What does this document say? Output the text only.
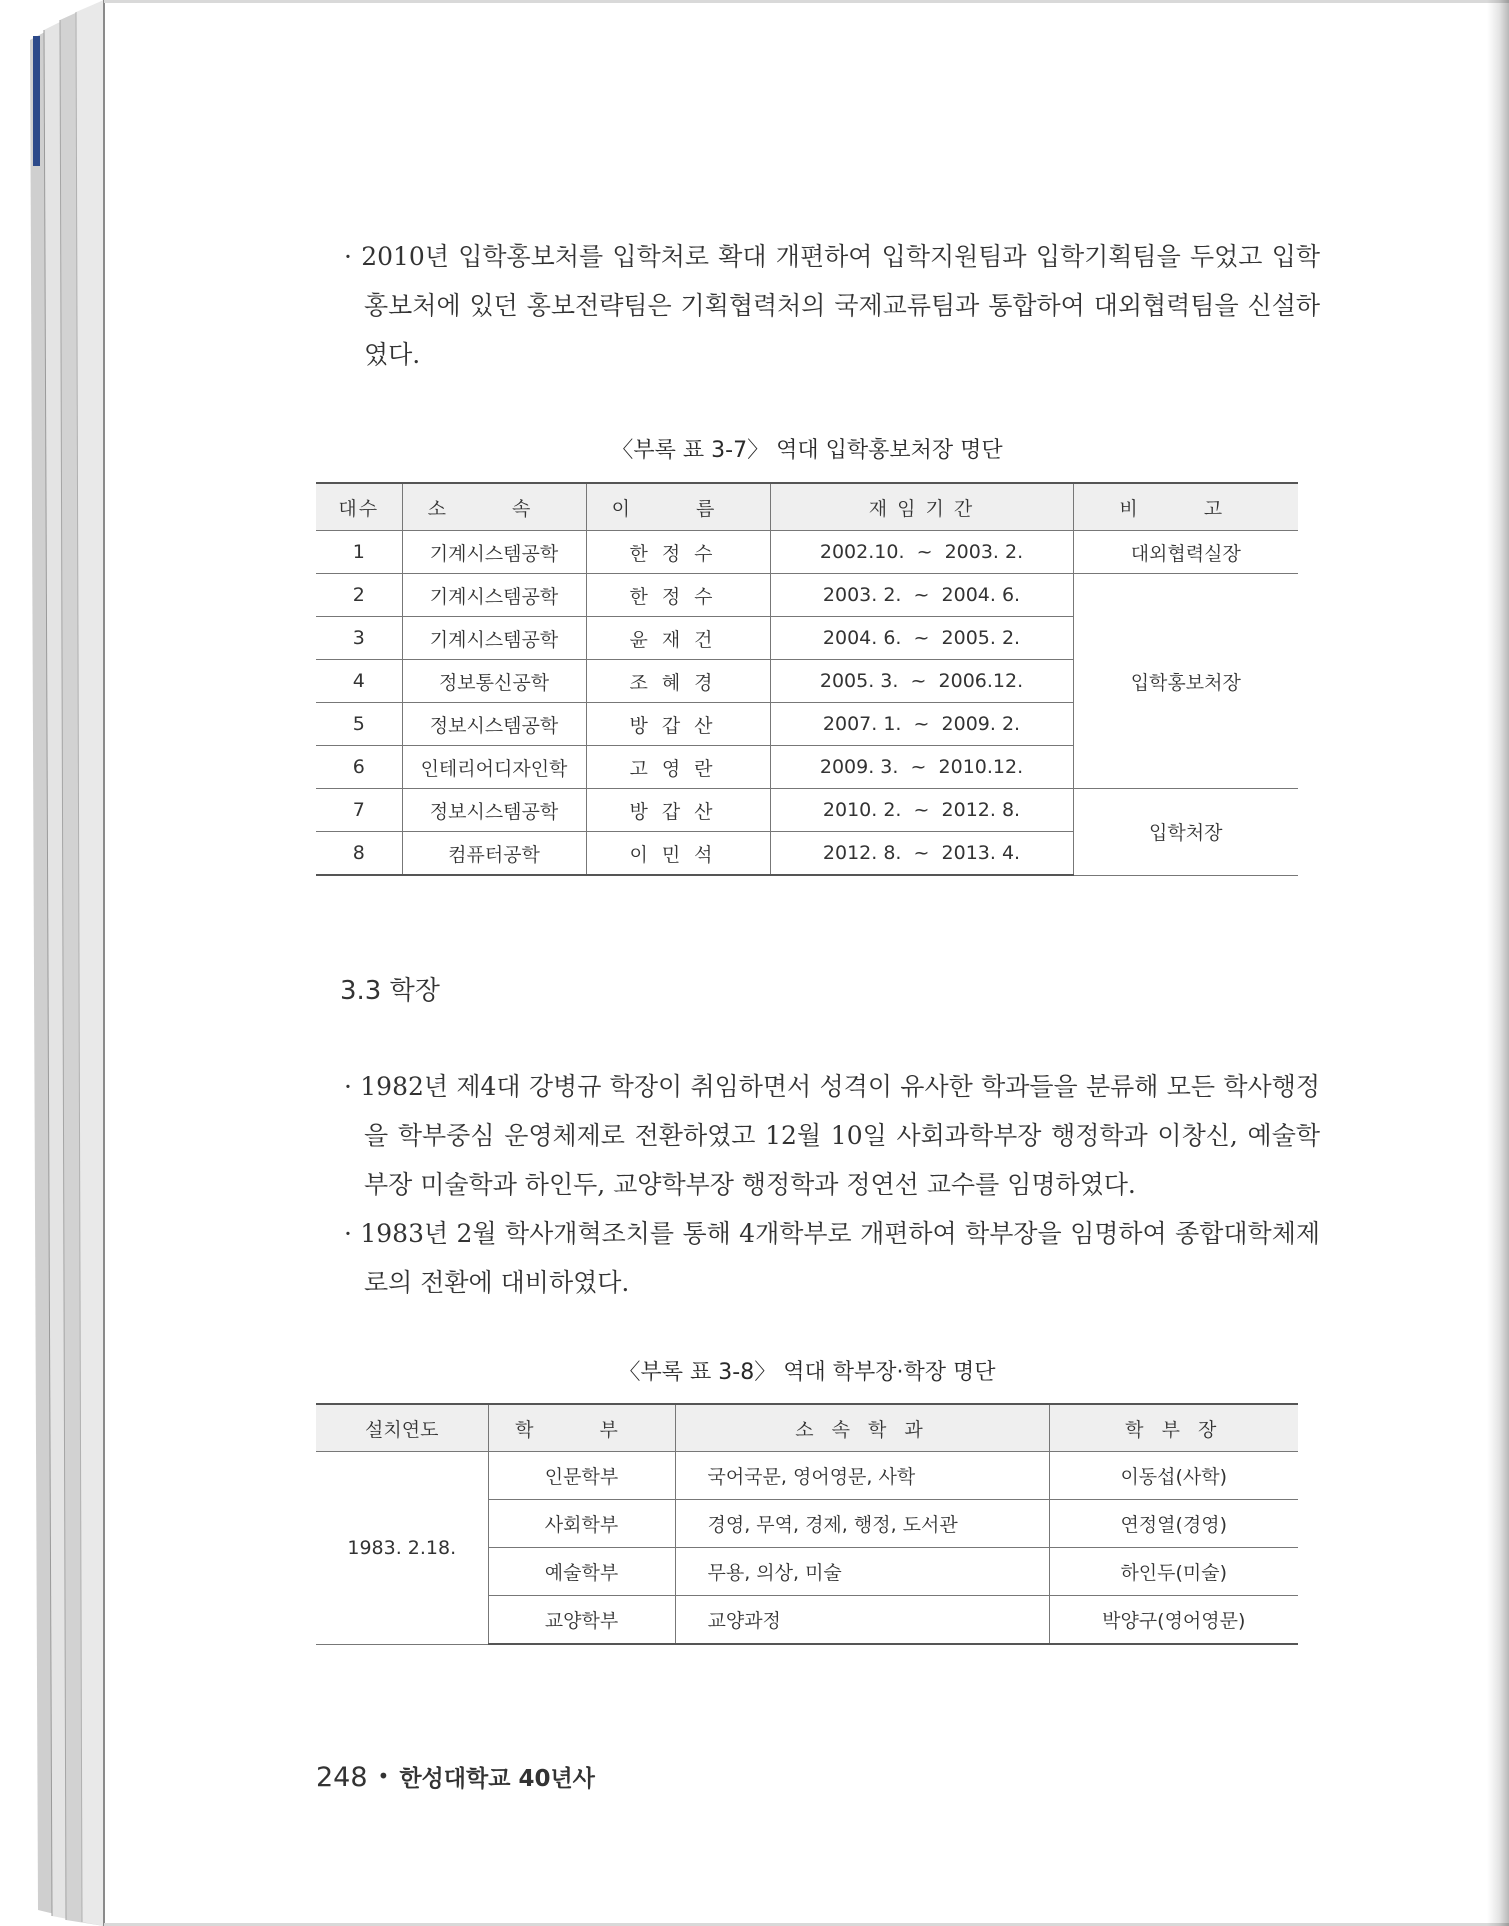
· 2010년 입학홍보처를 입학처로 확대 개편하여 입학지원팀과 입학기획팀을 두었고 입학홍보처에 있던 홍보전략팀은 기획협력처의 국제교류팀과 통합하여 대외협력팀을 신설하였다.
〈부록 표 3-7〉 역대 입학홍보처장 명단
대수	소 속	이 름	재 임 기 간	비 고
1	기계시스템공학	한정수	2002.10.  ~  2003. 2.	대외협력실장
2	기계시스템공학	한정수	2003. 2.  ~  2004. 6.	입학홍보처장
3	기계시스템공학	윤재건	2004. 6.  ~  2005. 2.	
4	정보통신공학	조혜경	2005. 3.  ~  2006.12.	
5	정보시스템공학	방갑산	2007. 1.  ~  2009. 2.	
6	인테리어디자인학	고영란	2009. 3.  ~  2010.12.	
7	정보시스템공학	방갑산	2010. 2.  ~  2012. 8.	입학처장
8	컴퓨터공학	이민석	2012. 8.  ~  2013. 4.	
3.3 학장
· 1982년 제4대 강병규 학장이 취임하면서 성격이 유사한 학과들을 분류해 모든 학사행정을 학부중심 운영체제로 전환하였고 12월 10일 사회과학부장 행정학과 이창신, 예술학부장 미술학과 하인두, 교양학부장 행정학과 정연선 교수를 임명하였다.
· 1983년 2월 학사개혁조치를 통해 4개학부로 개편하여 학부장을 임명하여 종합대학체제로의 전환에 대비하였다.
〈부록 표 3-8〉 역대 학부장·학장 명단
설치연도	학 부	소 속 학 과	학 부 장
1983. 2.18.	인문학부	국어국문, 영어영문, 사학	이동섭(사학)
	사회학부	경영, 무역, 경제, 행정, 도서관	연정열(경영)
	예술학부	무용, 의상, 미술	하인두(미술)
	교양학부	교양과정	박양구(영어영문)
248 • 한성대학교 40년사
